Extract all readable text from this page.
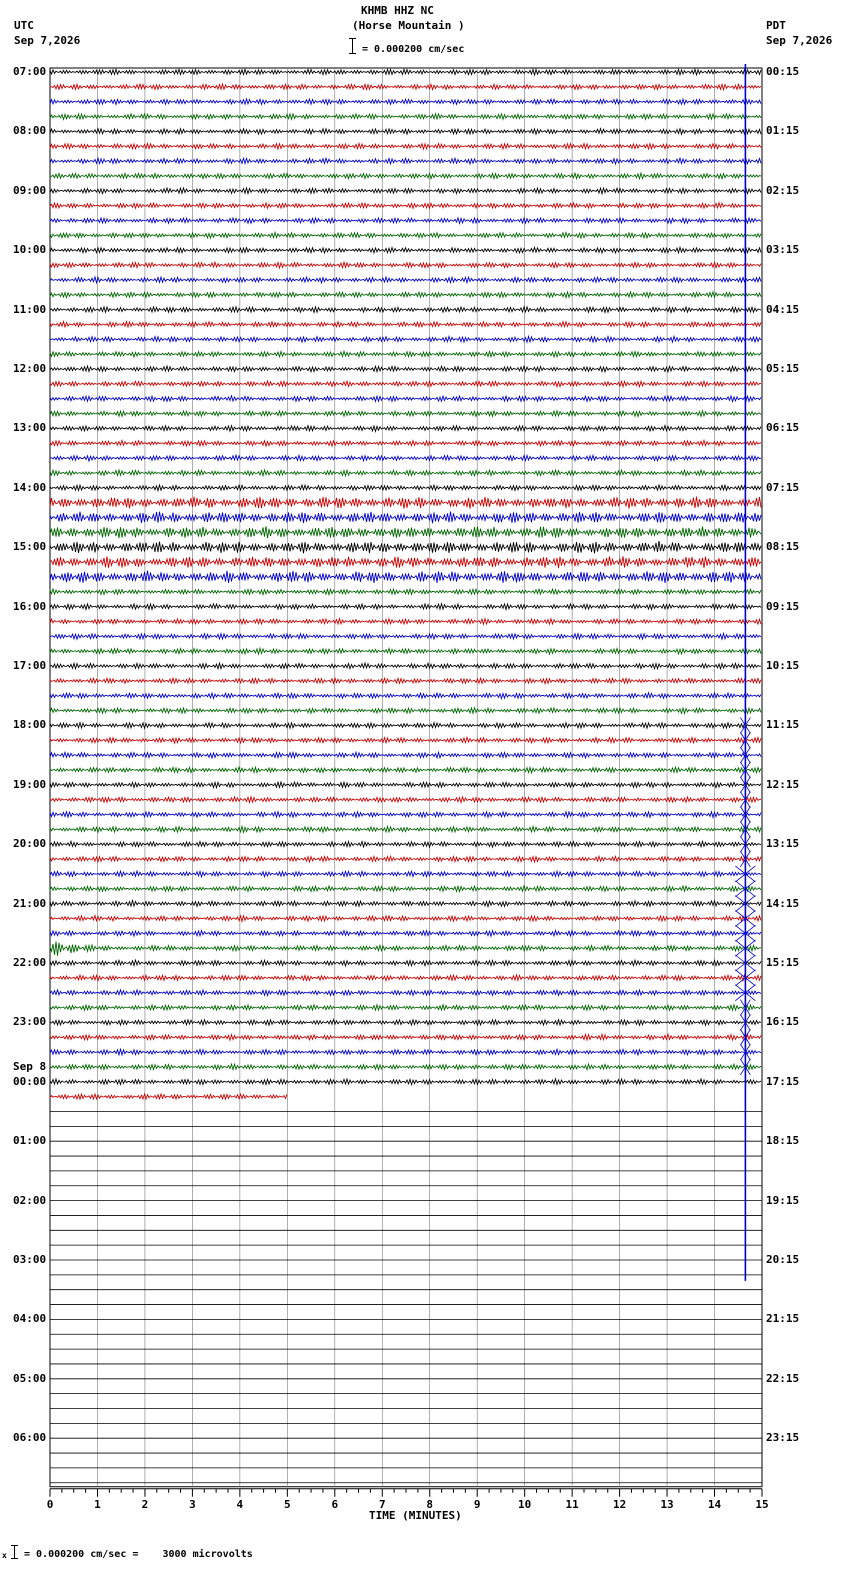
KHMB HHZ NC
(Horse Mountain )
= 0.000200 cm/sec
UTC
Sep 7,2026
PDT
Sep 7,2026
07:00
08:00
09:00
10:00
11:00
12:00
13:00
14:00
15:00
16:00
17:00
18:00
19:00
20:00
21:00
22:00
23:00
00:00
Sep 8
01:00
02:00
03:00
04:00
05:00
06:00
00:15
01:15
02:15
03:15
04:15
05:15
06:15
07:15
08:15
09:15
10:15
11:15
12:15
13:15
14:15
15:15
16:15
17:15
18:15
19:15
20:15
21:15
22:15
23:15
0	1	2	3	4	5	6	7	8	9	10	11	12	13	14	15
TIME (MINUTES)
x = 0.000200 cm/sec =    3000 microvolts
